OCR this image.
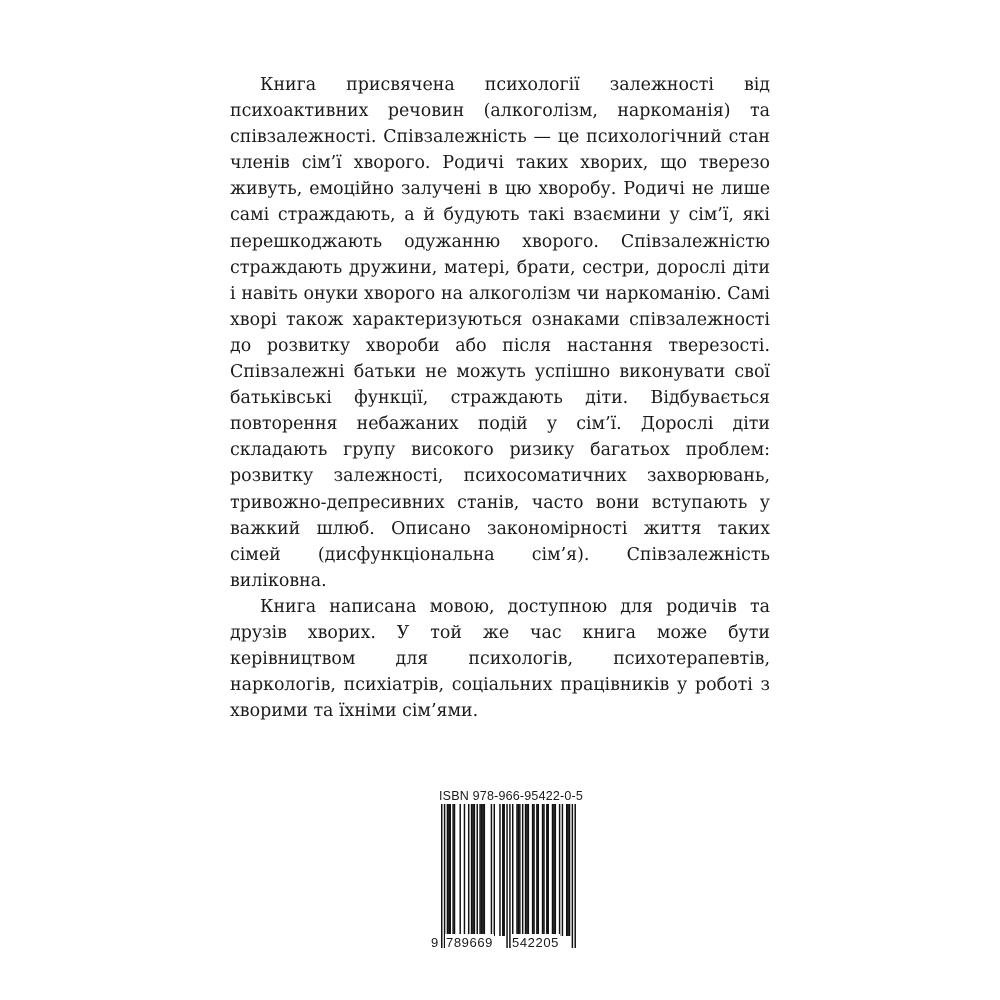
Книга присвячена психології залежності від психоактивних речовин (алкоголізм, наркоманія) та співзалежності. Співзалежність — це психологічний стан членів сім’ї хворого. Родичі таких хворих, що тверезо живуть, емоційно залучені в цю хворобу. Родичі не лише самі страждають, а й будують такі взаємини у сім’ї, які перешкоджають одужанню хворого. Співзалежністю страждають дружини, матері, брати, сестри, дорослі діти і навіть онуки хворого на алкоголізм чи наркоманію. Самі хворі також характеризуються ознаками співзалежності до розвитку хвороби або після настання тверезості. Співзалежні батьки не можуть успішно виконувати свої батьківські функції, страждають діти. Відбувається повторення небажаних подій у сім’ї. Дорослі діти складають групу високого ризику багатьох проблем: розвитку залежності, психосоматичних захворювань, тривожно-депресивних станів, часто вони вступають у важкий шлюб. Описано закономірності життя таких сімей (дисфункціональна сім’я). Співзалежність виліковна.

Книга написана мовою, доступною для родичів та друзів хворих. У той же час книга може бути керівництвом для психологів, психотерапевтів, наркологів, психіатрів, соціальних працівників у роботі з хворими та їхніми сім’ями.

ISBN 978-966-95422-0-5
9 789669 542205
